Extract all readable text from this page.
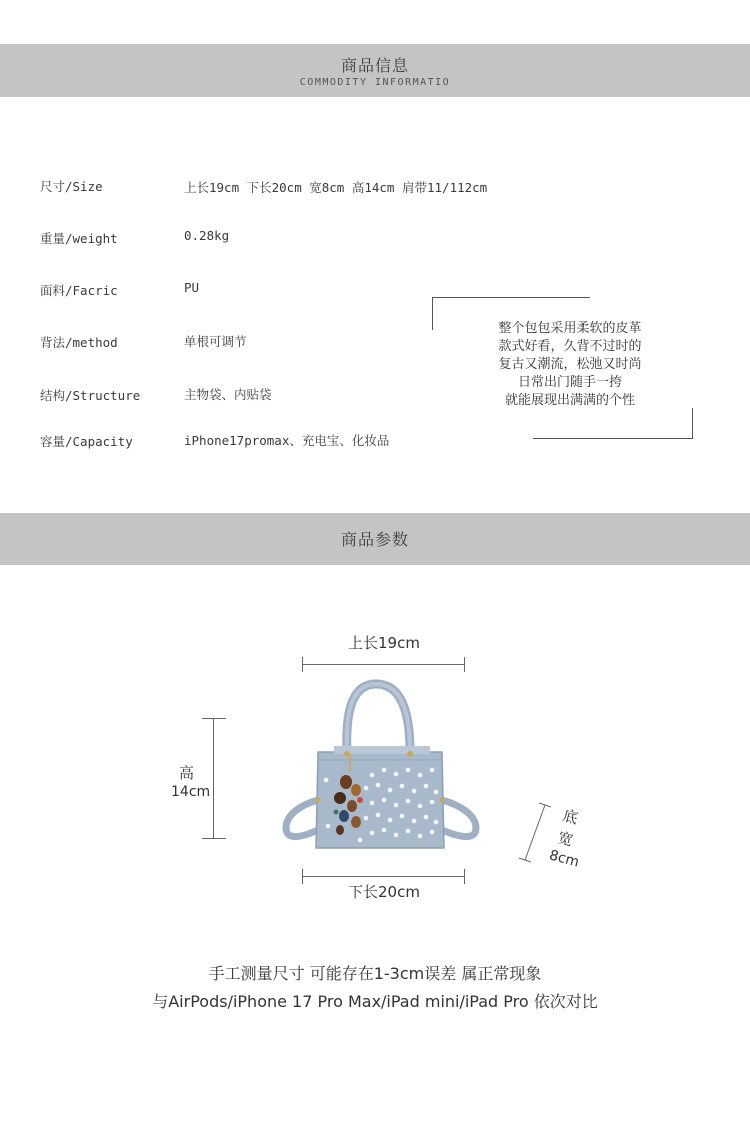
商品信息
COMMODITY INFORMATIO
尺寸/Size	上长19cm 下长20cm 宽8cm 高14cm 肩带11/112cm
重量/weight	0.28kg
面料/Facric	PU
背法/method	单根可调节
结构/Structure	主物袋、内贴袋
容量/Capacity	iPhone17promax、充电宝、化妆品
整个包包采用柔软的皮革
款式好看，久背不过时的
复古又潮流，松弛又时尚
日常出门随手一挎
就能展现出满满的个性
商品参数
上长19cm
高
14cm
下长20cm
底
宽
8cm
手工测量尺寸 可能存在1-3cm误差 属正常现象
与AirPods/iPhone 17 Pro Max/iPad mini/iPad Pro 依次对比
